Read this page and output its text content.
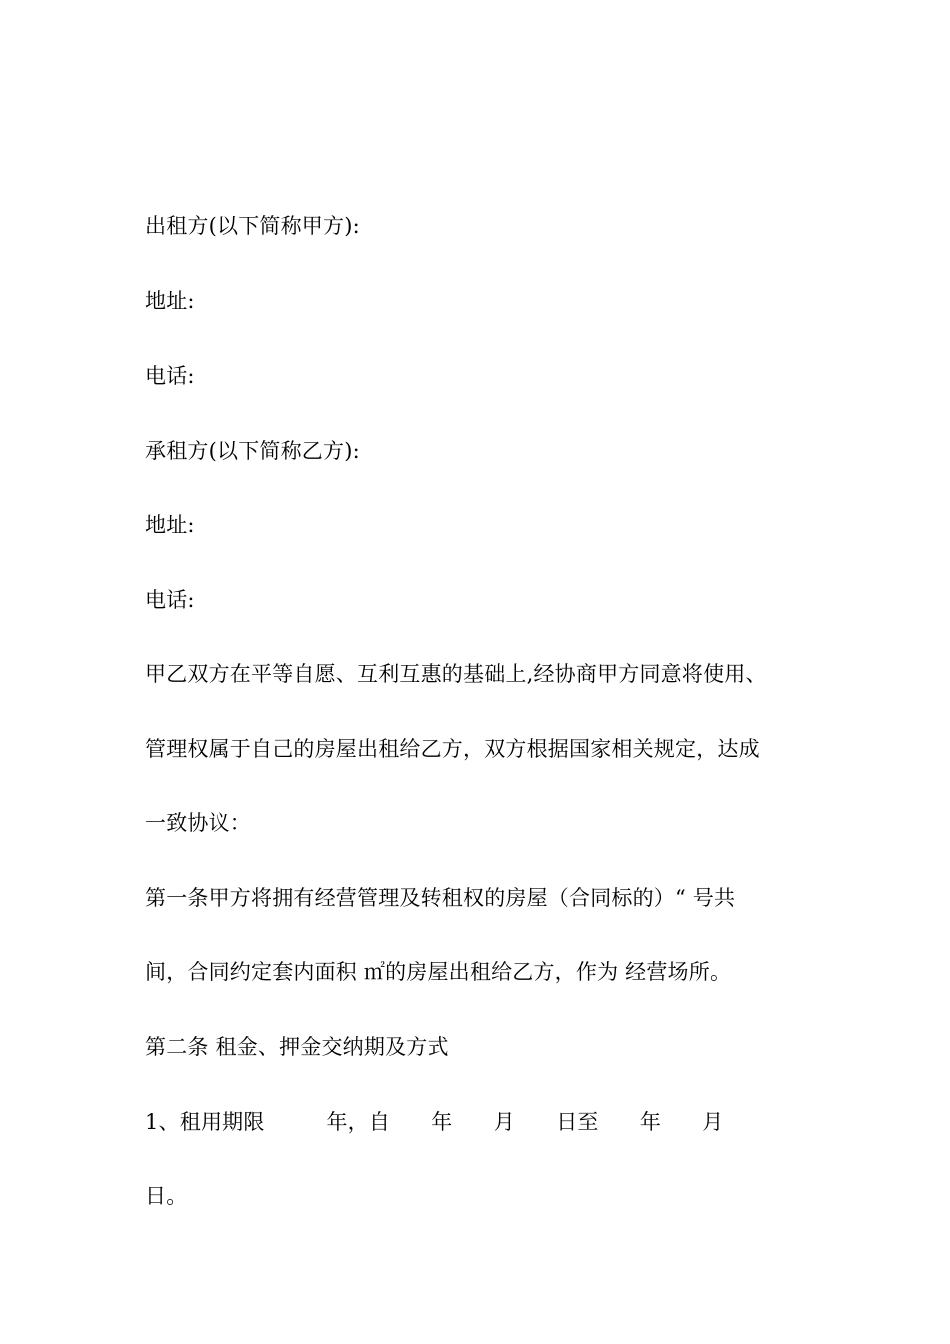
出租方(以下简称甲方):
地址:
电话:
承租方(以下简称乙方):
地址:
电话:
甲乙双方在平等自愿、互利互惠的基础上,经协商甲方同意将使用、
管理权属于自己的房屋出租给乙方，双方根据国家相关规定，达成
一致协议：
第一条甲方将拥有经营管理及转租权的房屋（合同标的）“ 号共
间，合同约定套内面积 ㎡的房屋出租给乙方，作为 经营场所。
第二条 租金、押金交纳期及方式
1、租用期限         年，自      年      月      日至      年      月
日。
